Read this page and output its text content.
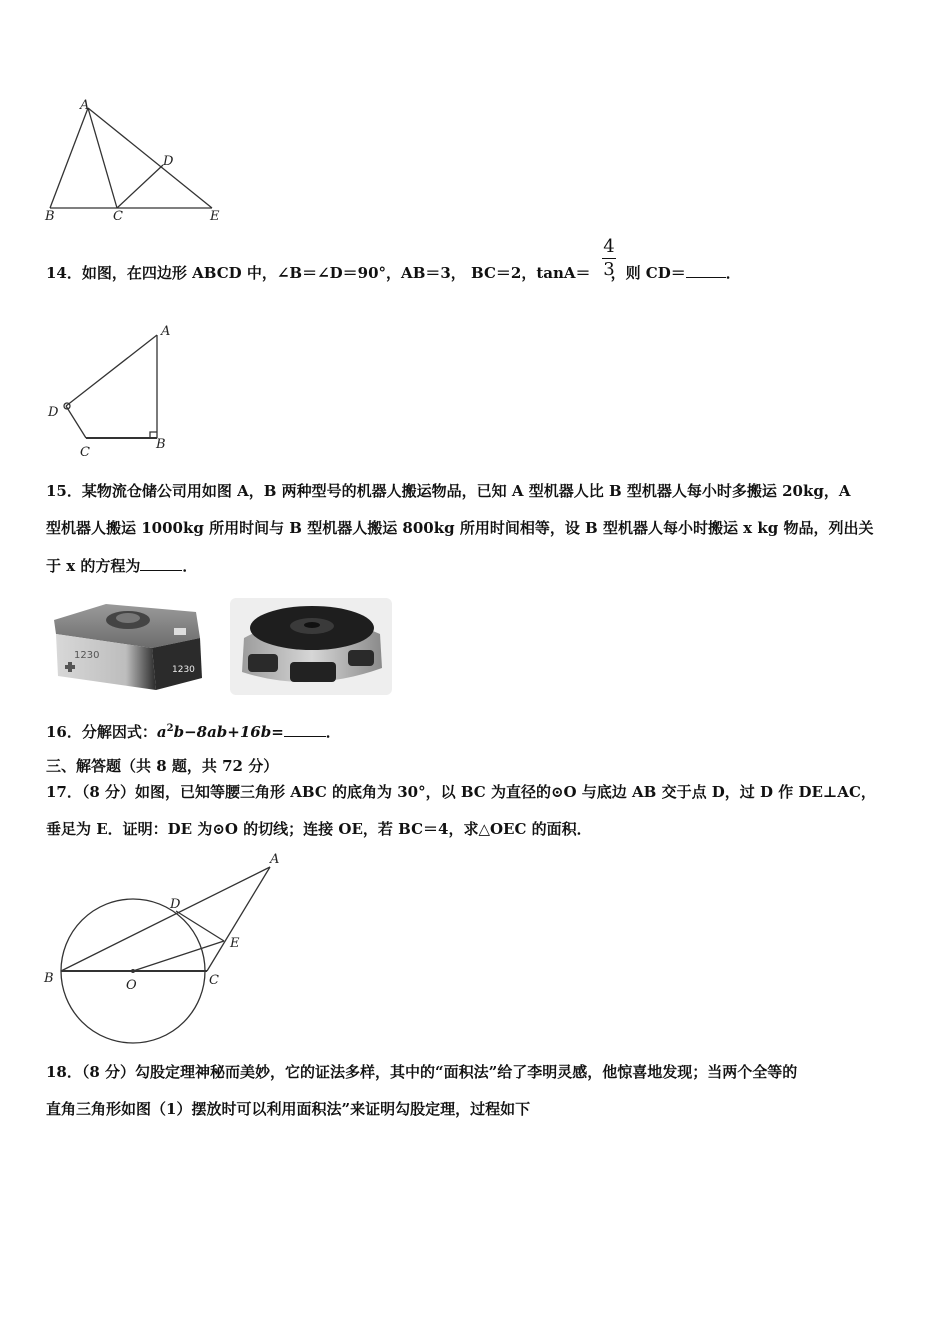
A
B	C
D
E
14．如图，在四边形 ABCD 中，∠B＝∠D＝90°，AB＝3， BC＝2，tanA＝ ，则 CD＝	．
4
3
A
D
C
B
15．某物流仓储公司用如图 A，B 两种型号的机器人搬运物品，已知 A 型机器人比 B 型机器人每小时多搬运 20kg，A
型机器人搬运 1000kg 所用时间与 B 型机器人搬运 800kg 所用时间相等，设 B 型机器人每小时搬运 x kg 物品，列出关
于 x 的方程为	．
1230
1230
16．分解因式：$a^2b-8ab+16b=$	．
三、解答题（共 8 题，共 72 分）
17．（8 分）如图，已知等腰三角形 ABC 的底角为 30°，以 BC 为直径的⊙O 与底边 AB 交于点 D，过 D 作 DE⊥AC，
垂足为 E．证明：DE 为⊙O 的切线；连接 OE，若 BC＝4，求△OEC 的面积．
A
D
E
B	O	C
18．（8 分）勾股定理神秘而美妙，它的证法多样，其中的“面积法”给了李明灵感，他惊喜地发现；当两个全等的
直角三角形如图（1）摆放时可以利用面积法”来证明勾股定理，过程如下
